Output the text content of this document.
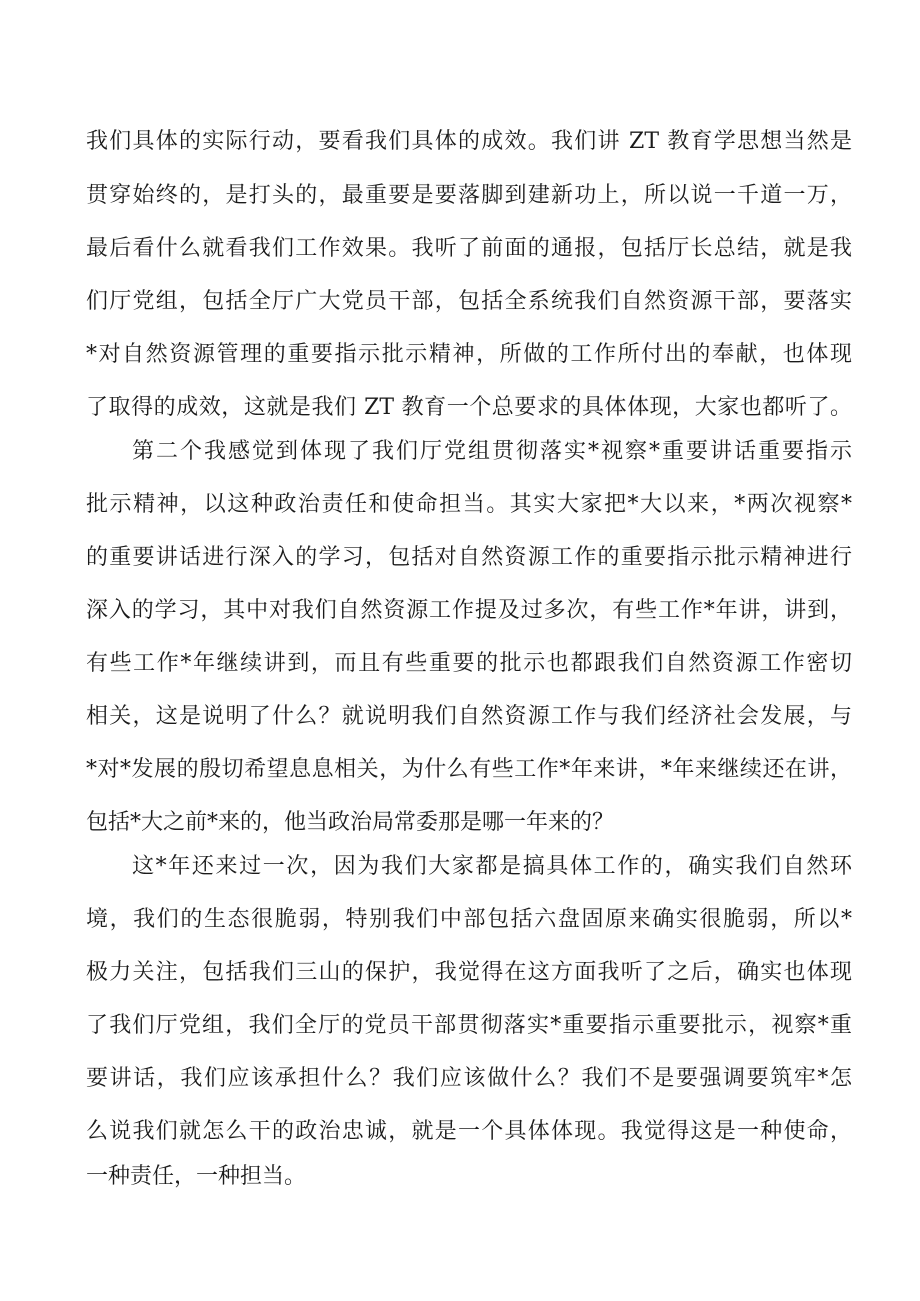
我们具体的实际行动，要看我们具体的成效。我们讲 ZT 教育学思想当然是
贯穿始终的，是打头的，最重要是要落脚到建新功上，所以说一千道一万，
最后看什么就看我们工作效果。我听了前面的通报，包括厅长总结，就是我
们厅党组，包括全厅广大党员干部，包括全系统我们自然资源干部，要落实
*对自然资源管理的重要指示批示精神，所做的工作所付出的奉献，也体现
了取得的成效，这就是我们 ZT 教育一个总要求的具体体现，大家也都听了。
第二个我感觉到体现了我们厅党组贯彻落实*视察*重要讲话重要指示
批示精神，以这种政治责任和使命担当。其实大家把*大以来，*两次视察*
的重要讲话进行深入的学习，包括对自然资源工作的重要指示批示精神进行
深入的学习，其中对我们自然资源工作提及过多次，有些工作*年讲，讲到，
有些工作*年继续讲到，而且有些重要的批示也都跟我们自然资源工作密切
相关，这是说明了什么？就说明我们自然资源工作与我们经济社会发展，与
*对*发展的殷切希望息息相关，为什么有些工作*年来讲，*年来继续还在讲，
包括*大之前*来的，他当政治局常委那是哪一年来的？
这*年还来过一次，因为我们大家都是搞具体工作的，确实我们自然环
境，我们的生态很脆弱，特别我们中部包括六盘固原来确实很脆弱，所以*
极力关注，包括我们三山的保护，我觉得在这方面我听了之后，确实也体现
了我们厅党组，我们全厅的党员干部贯彻落实*重要指示重要批示，视察*重
要讲话，我们应该承担什么？我们应该做什么？我们不是要强调要筑牢*怎
么说我们就怎么干的政治忠诚，就是一个具体体现。我觉得这是一种使命，
一种责任，一种担当。
